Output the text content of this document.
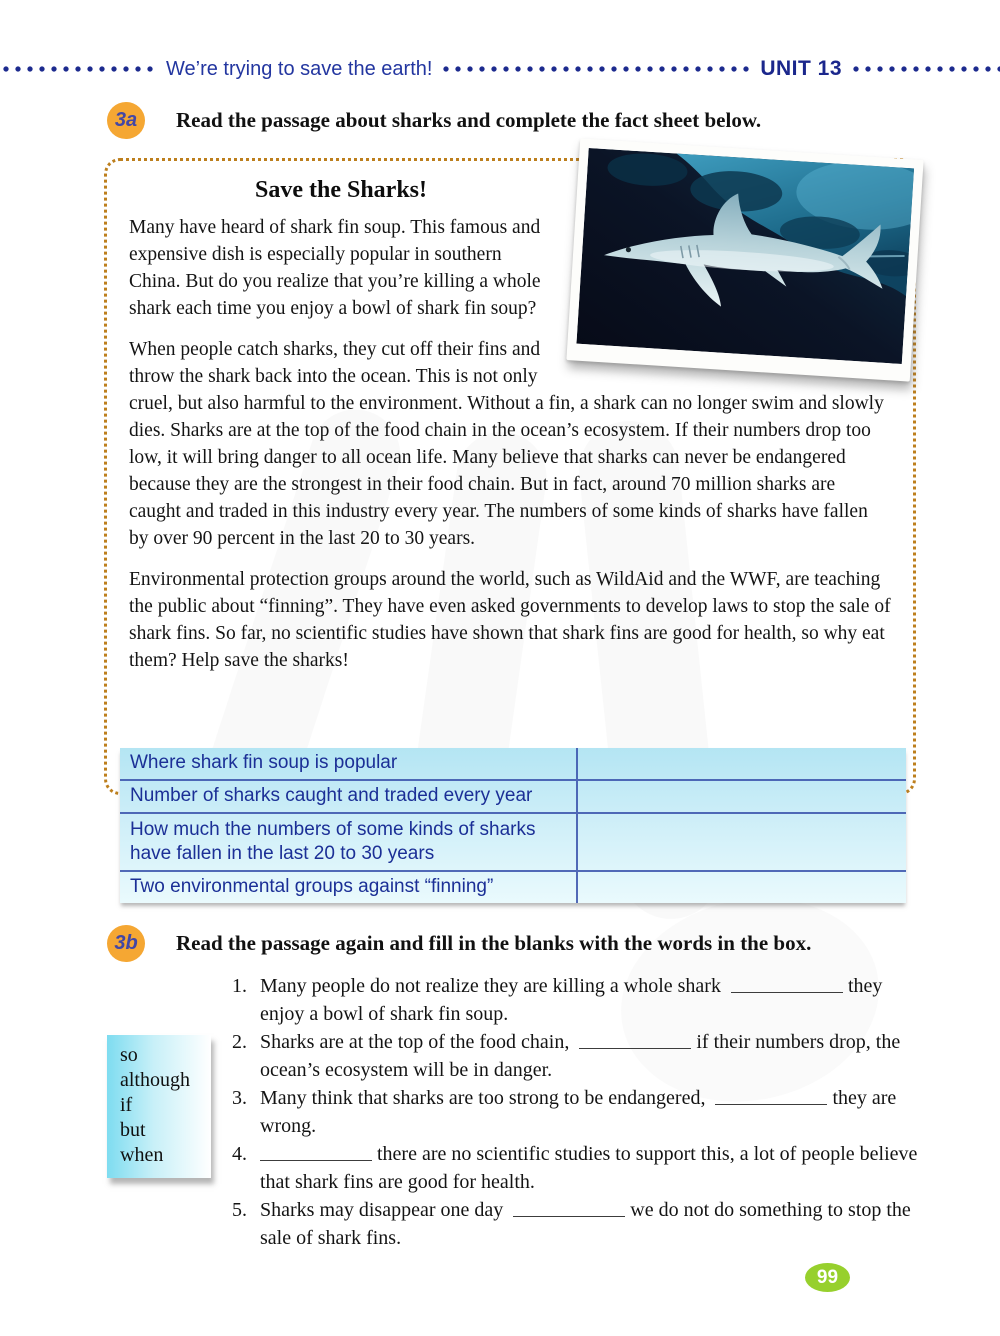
We’re trying to save the earth!	UNIT 13
3a	Read the passage about sharks and complete the fact sheet below.
Save the Sharks!

Many have heard of shark fin soup. This famous and expensive dish is especially popular in southern China. But do you realize that you’re killing a whole shark each time you enjoy a bowl of shark fin soup?

When people catch sharks, they cut off their fins and throw the shark back into the ocean. This is not only cruel, but also harmful to the environment. Without a fin, a shark can no longer swim and slowly dies. Sharks are at the top of the food chain in the ocean’s ecosystem. If their numbers drop too low, it will bring danger to all ocean life. Many believe that sharks can never be endangered because they are the strongest in their food chain. But in fact, around 70 million sharks are caught and traded in this industry every year. The numbers of some kinds of sharks have fallen by over 90 percent in the last 20 to 30 years.

Environmental protection groups around the world, such as WildAid and the WWF, are teaching the public about “finning”. They have even asked governments to develop laws to stop the sale of shark fins. So far, no scientific studies have shown that shark fins are good for health, so why eat them? Help save the sharks!

Where shark fin soup is popular
Number of sharks caught and traded every year
How much the numbers of some kinds of sharks have fallen in the last 20 to 30 years
Two environmental groups against “finning”
3b	Read the passage again and fill in the blanks with the words in the box.
so
although
if
but
when
1. Many people do not realize they are killing a whole shark	they enjoy a bowl of shark fin soup.
2. Sharks are at the top of the food chain,	if their numbers drop, the ocean’s ecosystem will be in danger.
3. Many think that sharks are too strong to be endangered,	they are wrong.
4.	there are no scientific studies to support this, a lot of people believe that shark fins are good for health.
5. Sharks may disappear one day	we do not do something to stop the sale of shark fins.
99
